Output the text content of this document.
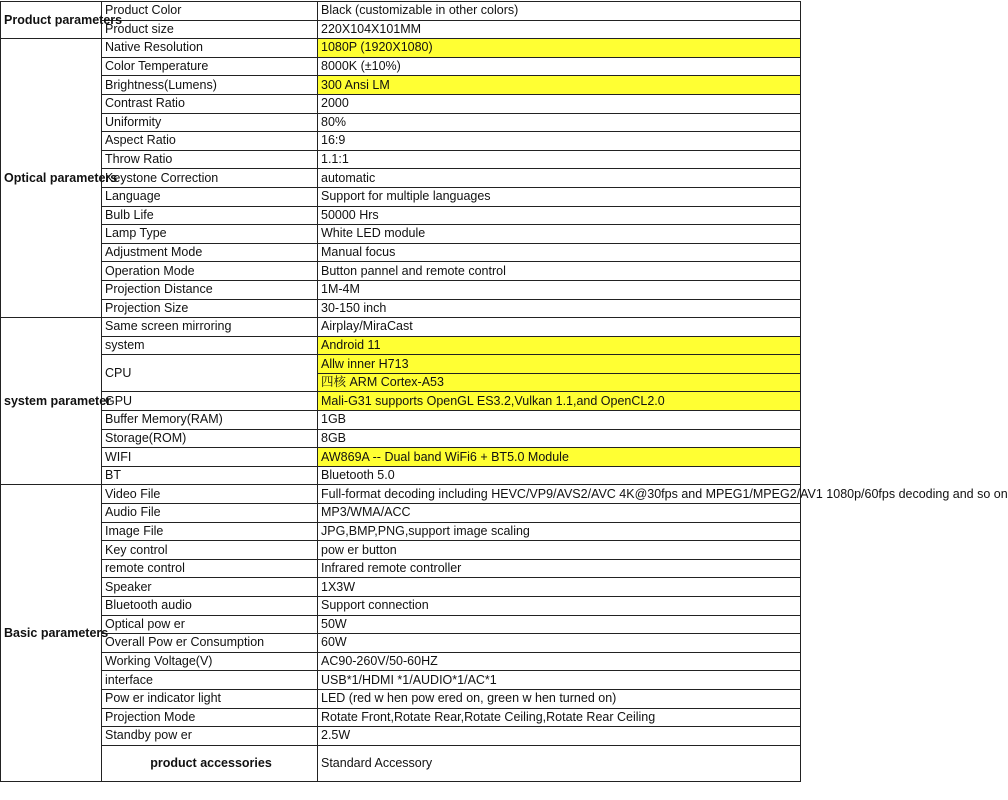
Product parameters	Product Color	Black (customizable in other colors)	
	Product size	220X104X101MM	
Optical parameters	Native Resolution	1080P (1920X1080)	
	Color Temperature	8000K (±10%)	
	Brightness(Lumens)	300 Ansi LM	
	Contrast Ratio	2000	
	Uniformity	80%	
	Aspect Ratio	16:9	
	Throw Ratio	1.1:1	
	Keystone Correction	automatic	
	Language	Support for multiple languages	
	Bulb Life	50000 Hrs	
	Lamp Type	White LED module	
	Adjustment Mode	Manual focus	
	Operation Mode	Button pannel and remote control	
	Projection Distance	1M-4M	
	Projection Size	30-150 inch	
system parameter	Same screen mirroring	Airplay/MiraCast	
	system	Android 11	
	CPU	Allw inner H713	
		四核 ARM Cortex-A53	
	GPU	Mali-G31 supports OpenGL ES3.2,Vulkan 1.1,and OpenCL2.0	
	Buffer Memory(RAM)	1GB	
	Storage(ROM)	8GB	
	WIFI	AW869A -- Dual band WiFi6 + BT5.0 Module	
	BT	Bluetooth 5.0	
Basic parameters	Video File	Full-format decoding including HEVC/VP9/AVS2/AVC 4K@30fps and MPEG1/MPEG2/AV1 1080p/60fps decoding and so on	
	Audio File	MP3/WMA/ACC	
	Image File	JPG,BMP,PNG,support image scaling	
	Key control	pow er button	
	remote control	Infrared remote controller	
	Speaker	1X3W	
	Bluetooth audio	Support connection	
	Optical pow er	50W	
	Overall Pow er Consumption	60W	
	Working Voltage(V)	AC90-260V/50-60HZ	
	interface	USB*1/HDMI *1/AUDIO*1/AC*1	
	Pow er indicator light	LED (red w hen pow ered on, green w hen turned on)	
	Projection Mode	Rotate Front,Rotate Rear,Rotate Ceiling,Rotate Rear Ceiling	
	Standby pow er	2.5W	
	product accessories	Standard Accessory	
